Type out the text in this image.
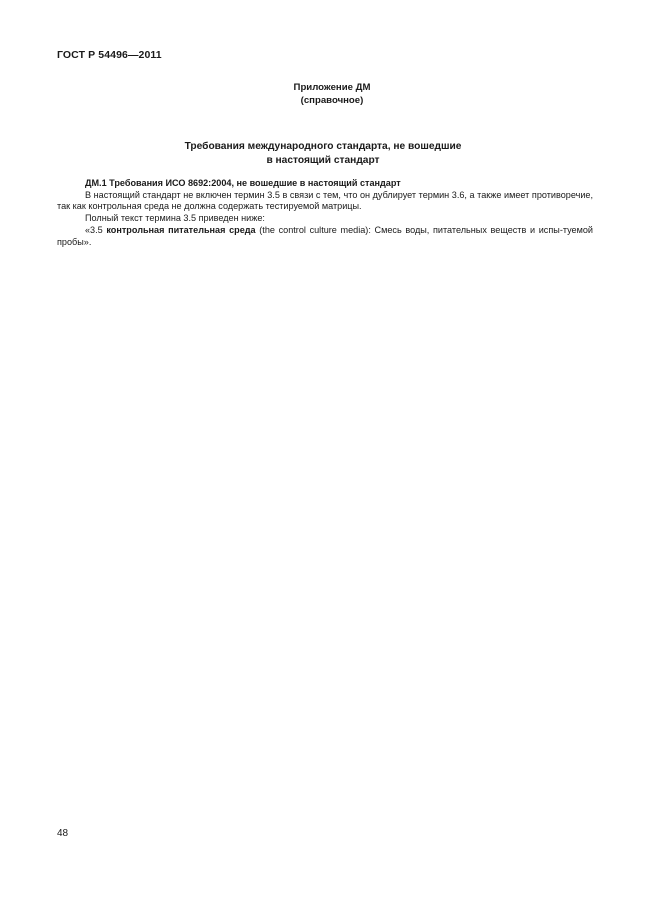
ГОСТ Р 54496—2011
Приложение ДМ
(справочное)
Требования международного стандарта, не вошедшие
в настоящий стандарт

ДМ.1 Требования ИСО 8692:2004, не вошедшие в настоящий стандарт

В настоящий стандарт не включен термин 3.5 в связи с тем, что он дублирует термин 3.6, а также имеет противоречие, так как контрольная среда не должна содержать тестируемой матрицы.

Полный текст термина 3.5 приведен ниже:

«3.5 контрольная питательная среда (the control culture media): Смесь воды, питательных веществ и испы-туемой пробы».

48
